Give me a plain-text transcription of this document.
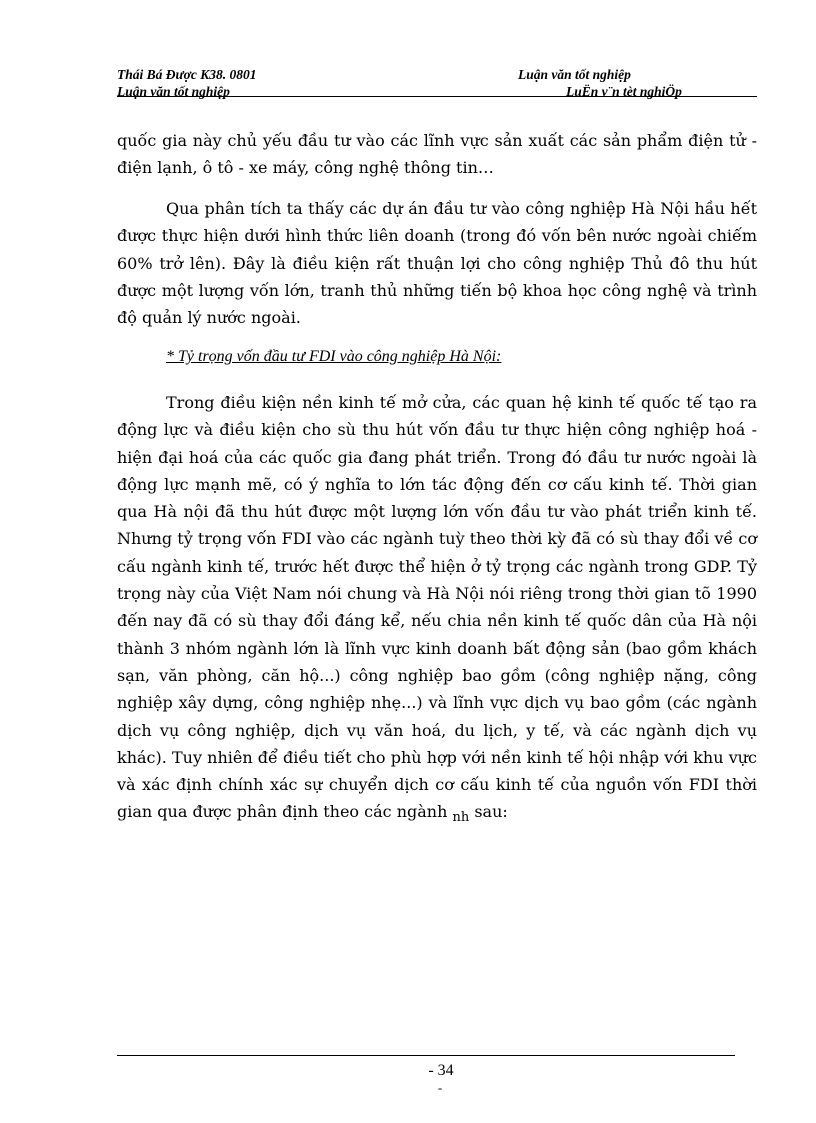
Thái Bá Được K38. 0801	Luận văn tốt nghiệp
Luận văn tốt nghiệp	LuËn v¨n tèt nghiÖp

quốc gia này chủ yếu đầu tư vào các lĩnh vực sản xuất các sản phẩm điện tử - điện lạnh, ô tô - xe máy, công nghệ thông tin…

Qua phân tích ta thấy các dự án đầu tư vào công nghiệp Hà Nội hầu hết được thực hiện dưới hình thức liên doanh (trong đó vốn bên nước ngoài chiếm 60% trở lên). Đây là điều kiện rất thuận lợi cho công nghiệp Thủ đô thu hút được một lượng vốn lớn, tranh thủ những tiến bộ khoa học công nghệ và trình độ quản lý nước ngoài.

* Tỷ trọng vốn đầu tư FDI vào công nghiệp Hà Nội:

Trong điều kiện nền kinh tế mở cửa, các quan hệ kinh tế quốc tế tạo ra động lực và điều kiện cho sù thu hút vốn đầu tư thực hiện công nghiệp hoá - hiện đại hoá của các quốc gia đang phát triển. Trong đó đầu tư nước ngoài là động lực mạnh mẽ, có ý nghĩa to lớn tác động đến cơ cấu kinh tế. Thời gian qua Hà nội đã thu hút được một lượng lớn vốn đầu tư vào phát triển kinh tế. Nhưng tỷ trọng vốn FDI vào các ngành tuỳ theo thời kỳ đã có sù thay đổi về cơ cấu ngành kinh tế, trước hết được thể hiện ở tỷ trọng các ngành trong GDP. Tỷ trọng này của Việt Nam nói chung và Hà Nội nói riêng trong thời gian tõ 1990 đến nay đã có sù thay đổi đáng kể, nếu chia nền kinh tế quốc dân của Hà nội thành 3 nhóm ngành lớn là lĩnh vực kinh doanh bất động sản (bao gồm khách sạn, văn phòng, căn hộ...) công nghiệp bao gồm (công nghiệp nặng, công nghiệp xây dựng, công nghiệp nhẹ...) và lĩnh vực dịch vụ bao gồm (các ngành dịch vụ công nghiệp, dịch vụ văn hoá, du lịch, y tế, và các ngành dịch vụ khác). Tuy nhiên để điều tiết cho phù hợp với nền kinh tế hội nhập với khu vực và xác định chính xác sự chuyển dịch cơ cấu kinh tế của nguồn vốn FDI thời gian qua được phân định theo các ngành $_{nh}$ sau:

- 34
-
